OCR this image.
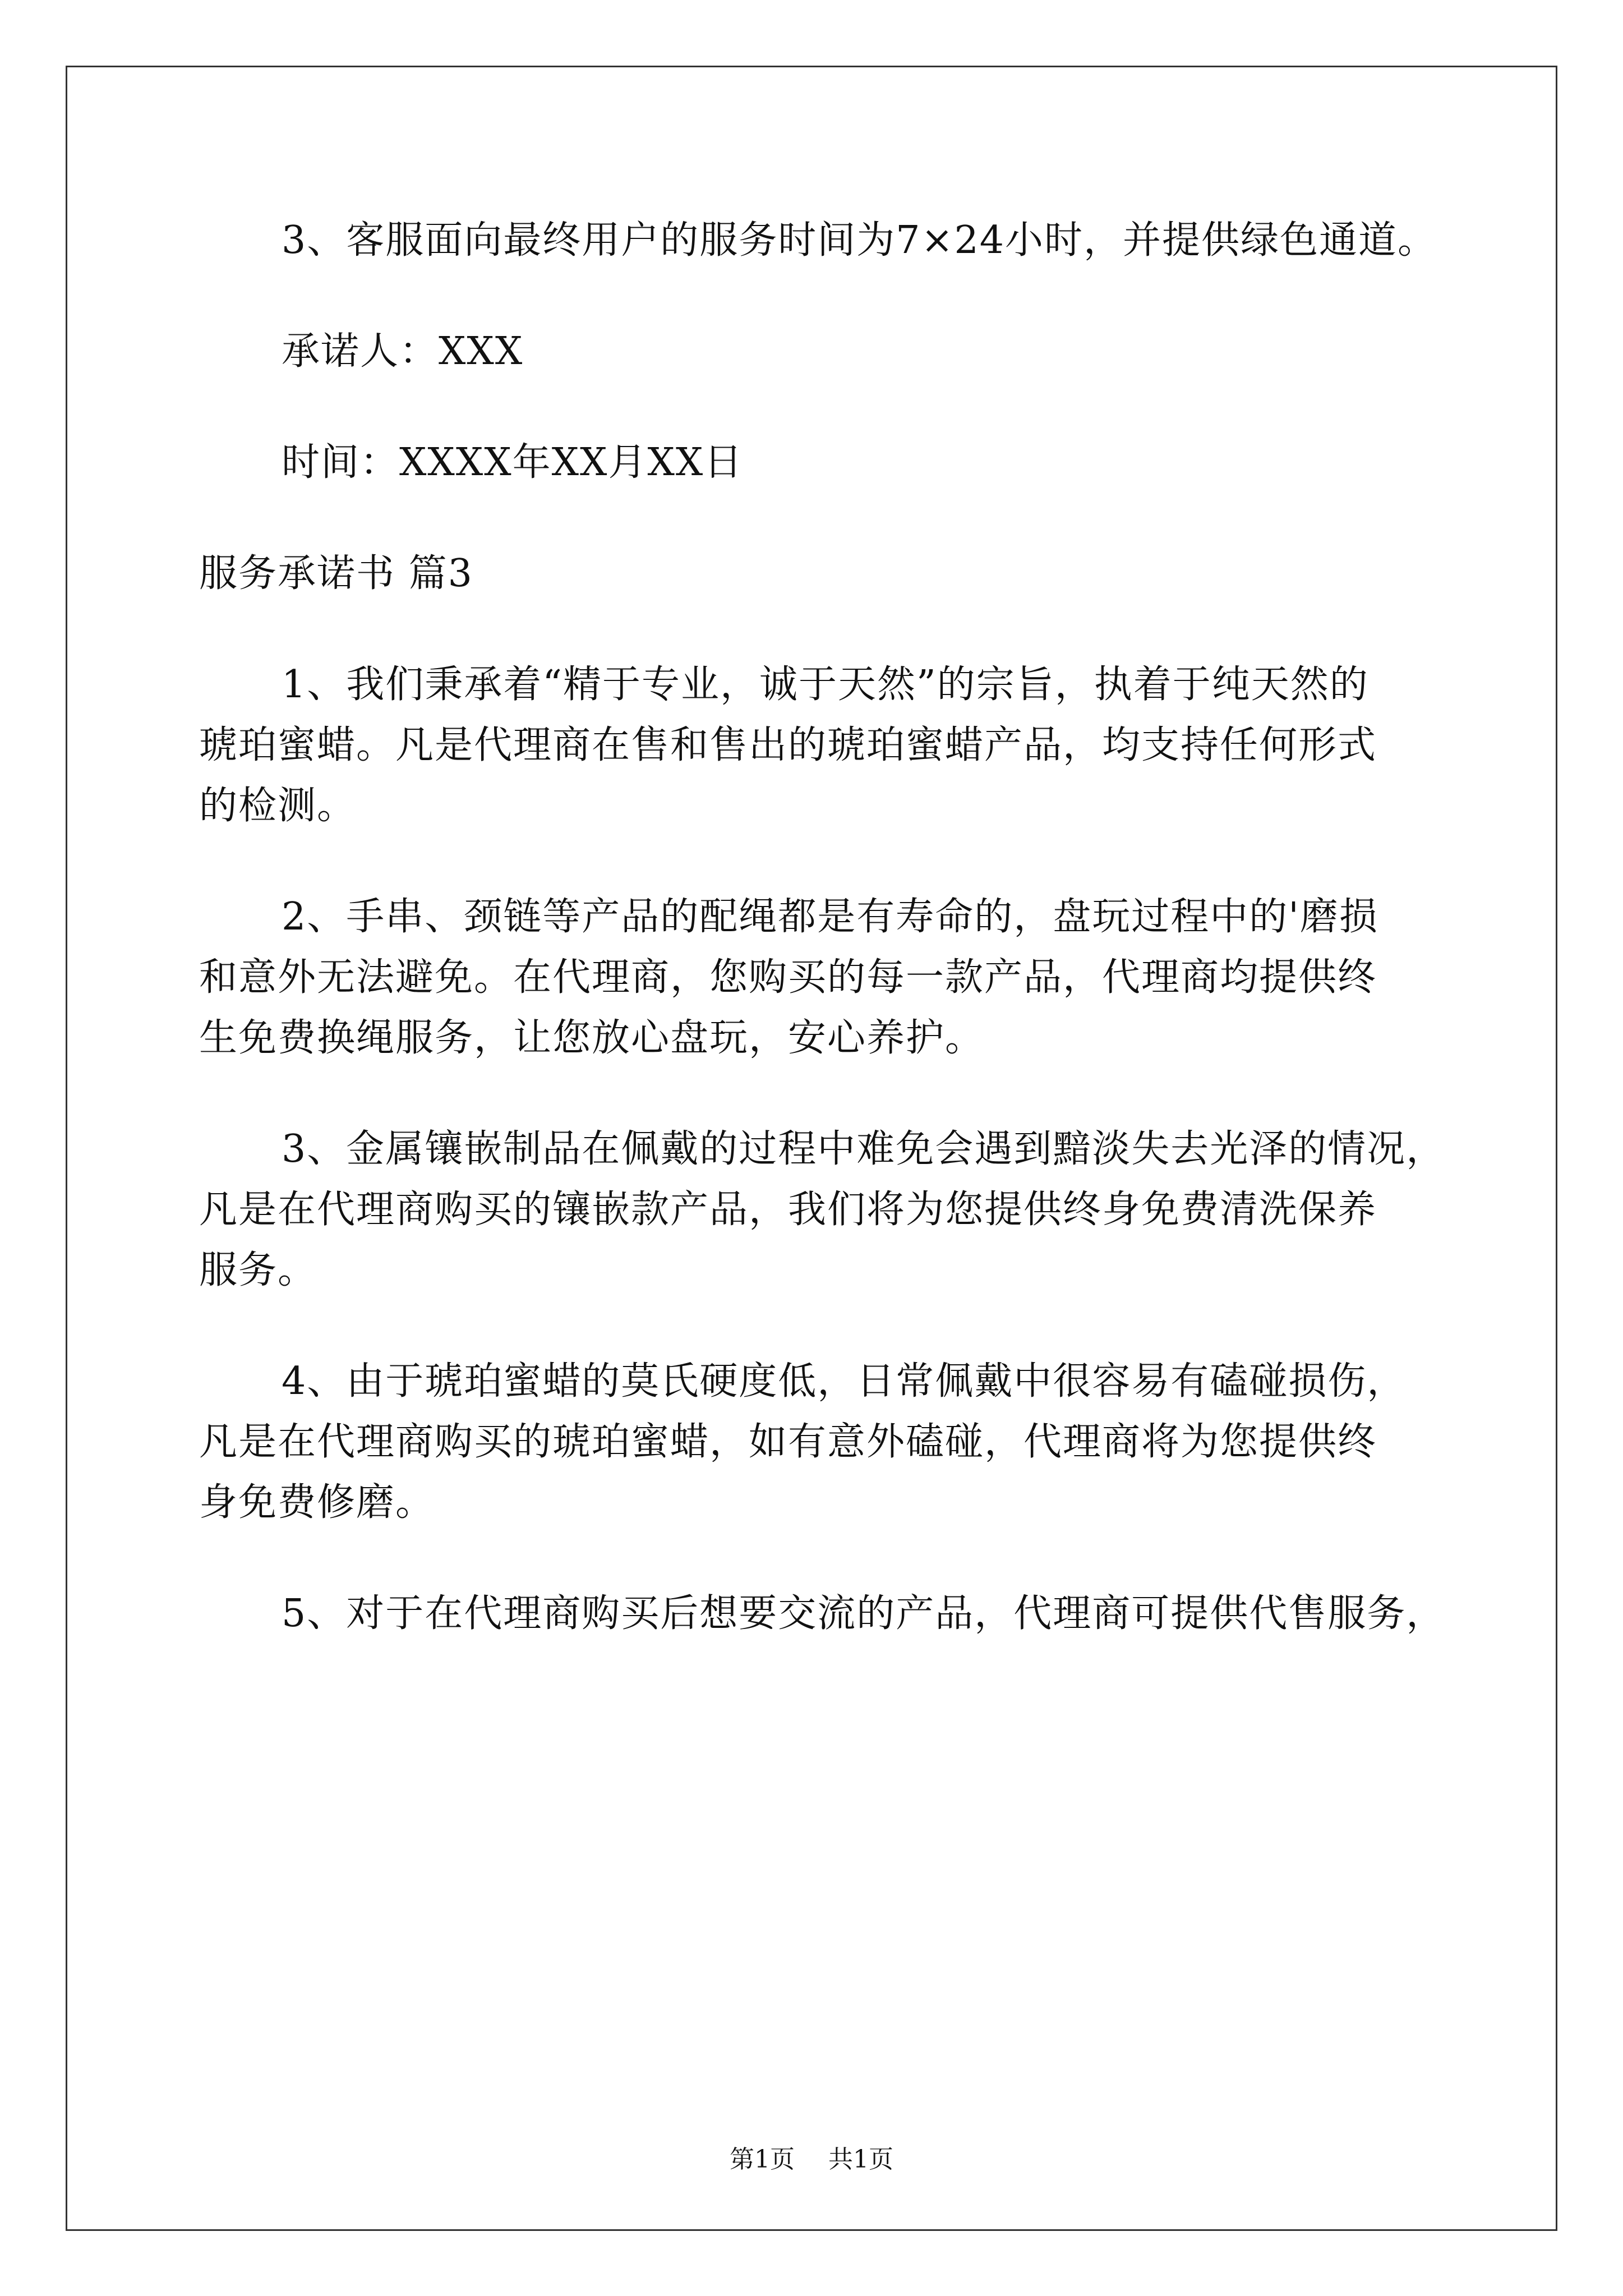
3、客服面向最终用户的服务时间为7×24小时，并提供绿色通道。
承诺人：XXX
时间：XXXX年XX月XX日
服务承诺书 篇3
1、我们秉承着“精于专业，诚于天然”的宗旨，执着于纯天然的
琥珀蜜蜡。凡是代理商在售和售出的琥珀蜜蜡产品，均支持任何形式
的检测。
2、手串、颈链等产品的配绳都是有寿命的，盘玩过程中的'磨损
和意外无法避免。在代理商，您购买的每一款产品，代理商均提供终
生免费换绳服务，让您放心盘玩，安心养护。
3、金属镶嵌制品在佩戴的过程中难免会遇到黯淡失去光泽的情况，
凡是在代理商购买的镶嵌款产品，我们将为您提供终身免费清洗保养
服务。
4、由于琥珀蜜蜡的莫氏硬度低，日常佩戴中很容易有磕碰损伤，
凡是在代理商购买的琥珀蜜蜡，如有意外磕碰，代理商将为您提供终
身免费修磨。
5、对于在代理商购买后想要交流的产品，代理商可提供代售服务，
第1页 共1页
